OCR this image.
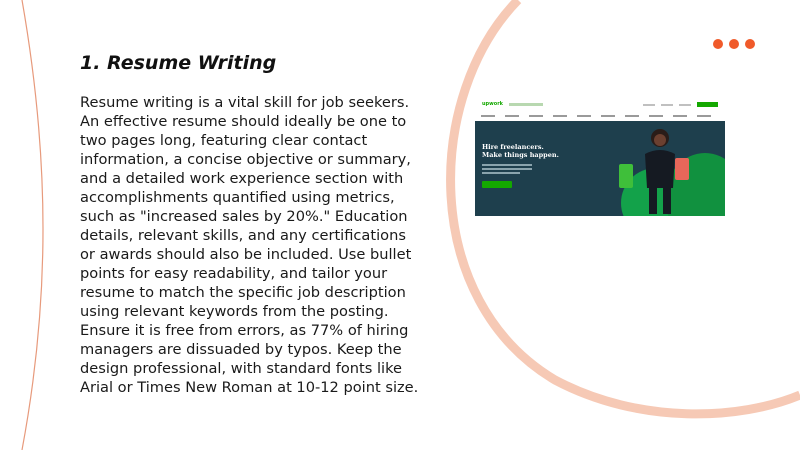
1. Resume Writing

Resume writing is a vital skill for job seekers. An effective resume should ideally be one to two pages long, featuring clear contact information, a concise objective or summary, and a detailed work experience section with accomplishments quantified using metrics, such as "increased sales by 20%." Education details, relevant skills, and any certifications or awards should also be included. Use bullet points for easy readability, and tailor your resume to match the specific job description using relevant keywords from the posting. Ensure it is free from errors, as 77% of hiring managers are dissuaded by typos. Keep the design professional, with standard fonts like Arial or Times New Roman at 10-12 point size.

upwork
Hire freelancers.
Make things happen.
